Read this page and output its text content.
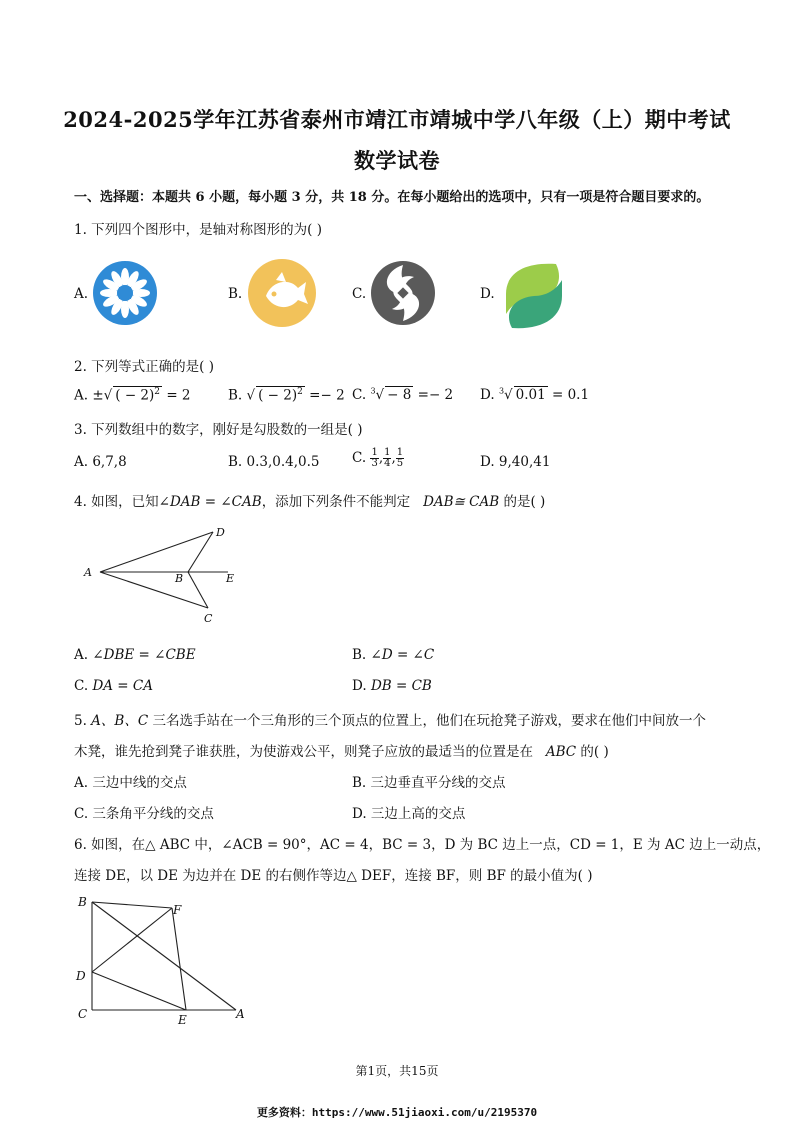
2024-2025学年江苏省泰州市靖江市靖城中学八年级（上）期中考试
数学试卷
一、选择题：本题共 6 小题，每小题 3 分，共 18 分。在每小题给出的选项中，只有一项是符合题目要求的。
1. 下列四个图形中，是轴对称图形的为( )
A.	B.	C.	D.
2. 下列等式正确的是( )
A. ±√ ( − 2)$^2$ = 2	B. √ ( − 2)$^2$ =− 2 C. $^3$√ − 8 =− 2 D. $^3$√ 0.01 = 0.1
3. 下列数组中的数字，刚好是勾股数的一组是( )
A. 6,7,8	B. 0.3,0.4,0.5 C. $\frac{1}{3}$ , $\frac{1}{4}$ , $\frac{1}{5}$	D. 9,40,41
4. 如图，已知∠DAB = ∠CAB，添加下列条件不能判定 DAB≅ CAB 的是( )
A	B
D
E
C
A. ∠DBE = ∠CBE	B. ∠D = ∠C
C. DA = CA	D. DB = CB
5. A、B、C 三名选手站在一个三角形的三个顶点的位置上，他们在玩抢凳子游戏，要求在他们中间放一个
木凳，谁先抢到凳子谁获胜，为使游戏公平，则凳子应放的最适当的位置是在 ABC 的( )
A. 三边中线的交点	B. 三边垂直平分线的交点
C. 三条角平分线的交点	D. 三边上高的交点
6. 如图，在△ ABC 中，∠ACB = 90°，AC = 4，BC = 3，D 为 BC 边上一点，CD = 1，E 为 AC 边上一动点，
连接 DE，以 DE 为边并在 DE 的右侧作等边△ DEF，连接 BF，则 BF 的最小值为( )
B
F
D
C	E	A
第1页，共15页
更多资料：https://www.51jiaoxi.com/u/2195370
